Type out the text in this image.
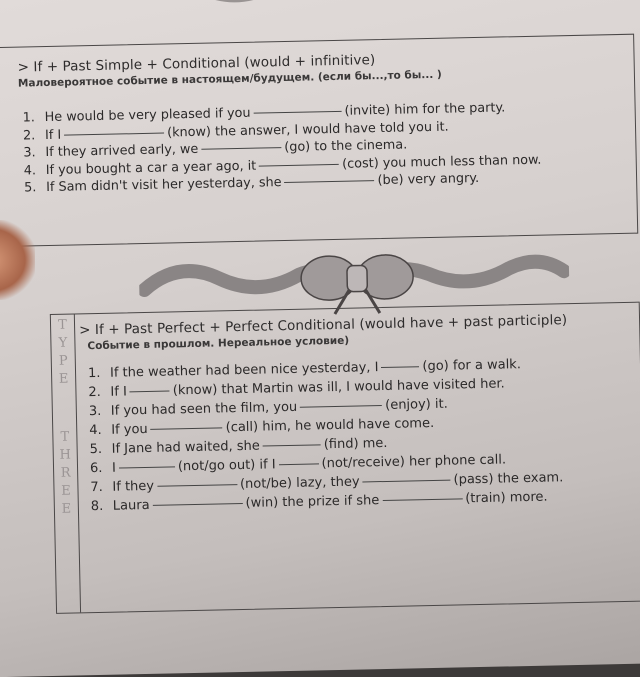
> If + Past Simple + Conditional (would + infinitive)
Маловероятное событие в настоящем/будущем. (если бы...,то бы... )
1. He would be very pleased if you	(invite) him for the party.
2. If I	(know) the answer, I would have told you it.
3. If they arrived early, we	(go) to the cinema.
4. If you bought a car a year ago, it	(cost) you much less than now.
5. If Sam didn't visit her yesterday, she	(be) very angry.
T
Y
P
E
T
H
R
E
E
> If + Past Perfect + Perfect Conditional (would have + past participle)
Событие в прошлом. Нереальное условие)
1. If the weather had been nice yesterday, I	(go) for a walk.
2. If I	(know) that Martin was ill, I would have visited her.
3. If you had seen the film, you	(enjoy) it.
4. If you	(call) him, he would have come.
5. If Jane had waited, she	(find) me.
6. I	(not/go out) if I	(not/receive) her phone call.
7. If they	(not/be) lazy, they	(pass) the exam.
8. Laura	(win) the prize if she	(train) more.
